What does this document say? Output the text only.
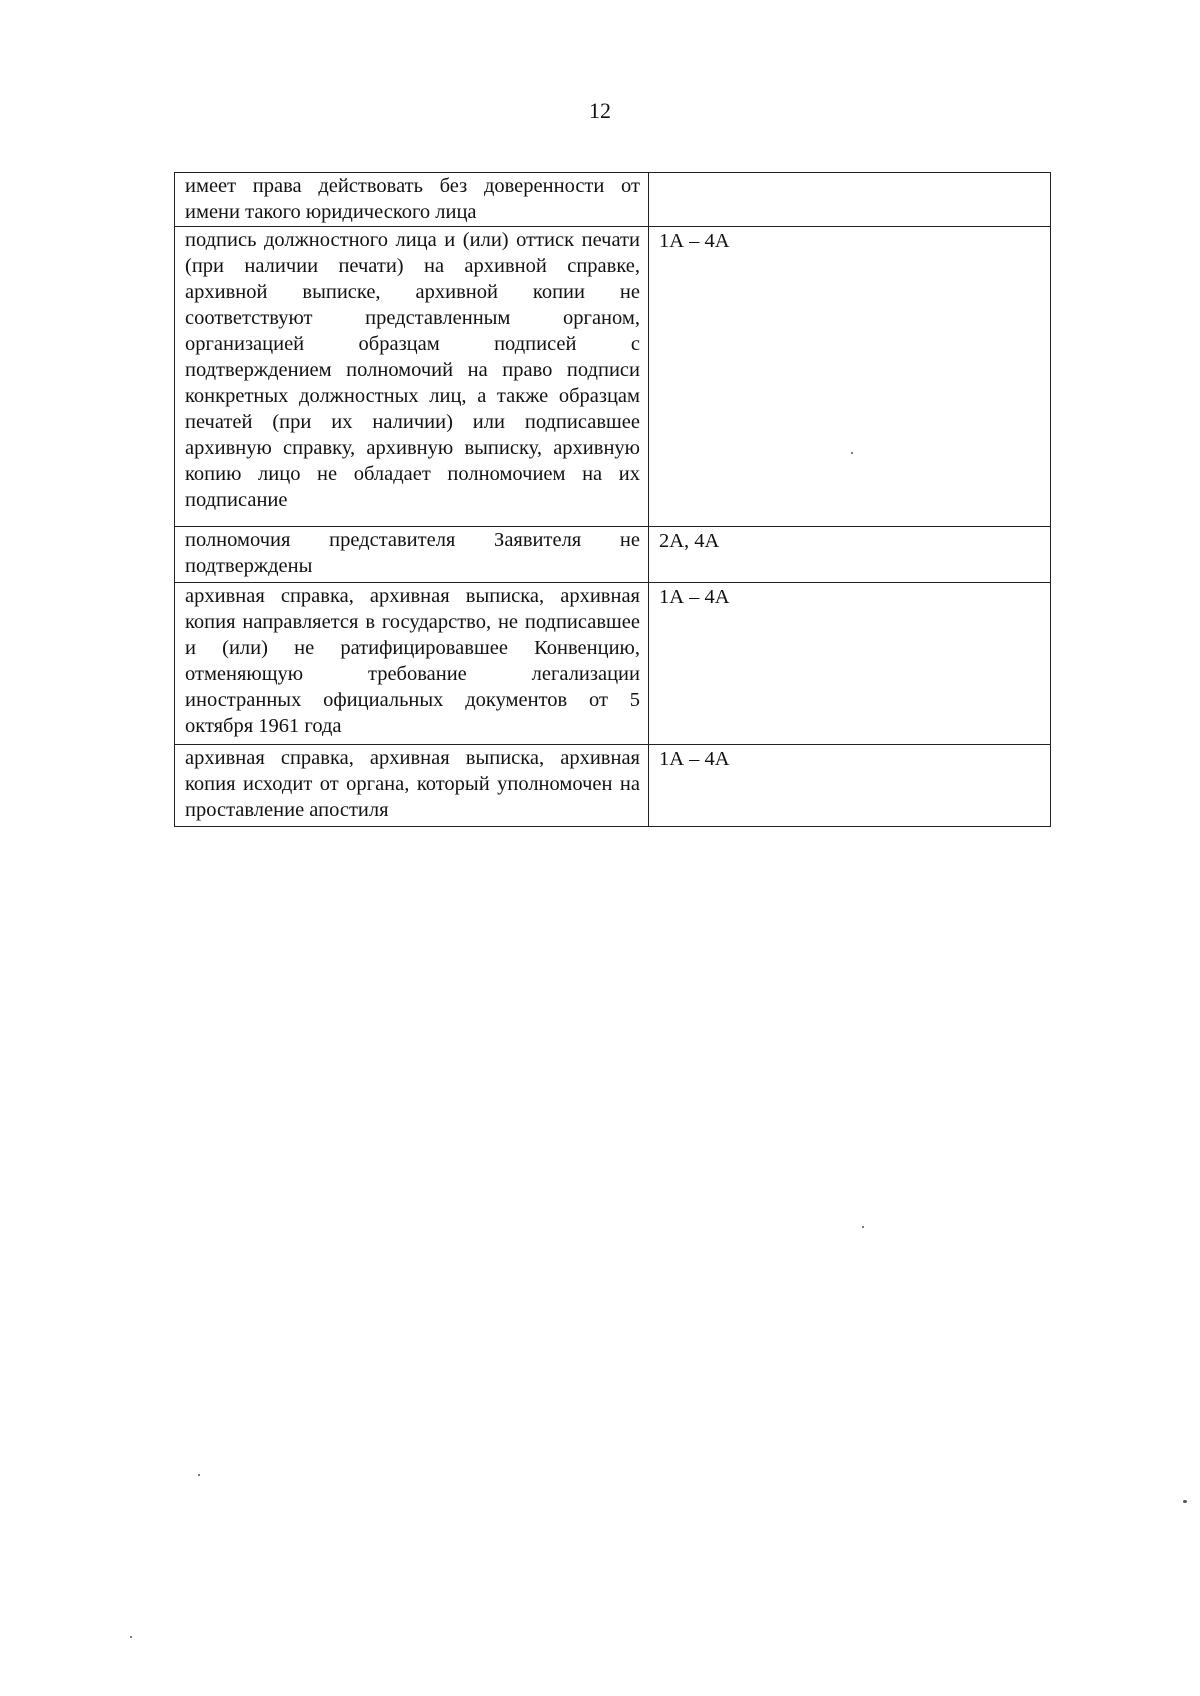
12
имеет права действовать без доверенности от имени такого юридического лица	
подпись должностного лица и (или) оттиск печати (при наличии печати) на архивной справке, архивной выписке, архивной копии не соответствуют представленным органом, организацией образцам подписей с подтверждением полномочий на право подписи конкретных должностных лиц, а также образцам печатей (при их наличии) или подписавшее архивную справку, архивную выписку, архивную копию лицо не обладает полномочием на их подписание	1А – 4А
полномочия представителя Заявителя не подтверждены	2А, 4А
архивная справка, архивная выписка, архивная копия направляется в государство, не подписавшее и (или) не ратифицировавшее Конвенцию, отменяющую требование легализации иностранных официальных документов от 5 октября 1961 года	1А – 4А
архивная справка, архивная выписка, архивная копия исходит от органа, который уполномочен на проставление апостиля	1А – 4А
